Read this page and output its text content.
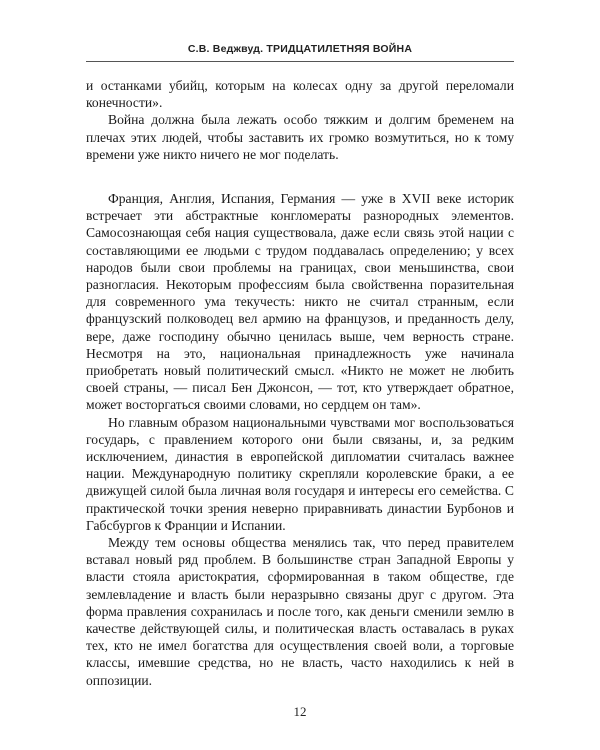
С.В. Веджвуд. ТРИДЦАТИЛЕТНЯЯ ВОЙНА

и останками убийц, которым на колесах одну за другой переломали конечности».

Война должна была лежать особо тяжким и долгим бременем на плечах этих людей, чтобы заставить их громко возмутиться, но к тому времени уже никто ничего не мог поделать.

Франция, Англия, Испания, Германия — уже в XVII веке историк встречает эти абстрактные конгломераты разнородных элементов. Самосознающая себя нация существовала, даже если связь этой нации с составляющими ее людьми с трудом поддавалась определению; у всех народов были свои проблемы на границах, свои меньшинства, свои разногласия. Некоторым профессиям была свойственна поразительная для современного ума текучесть: никто не считал странным, если французский полководец вел армию на французов, и преданность делу, вере, даже господину обычно ценилась выше, чем верность стране. Несмотря на это, национальная принадлежность уже начинала приобретать новый политический смысл. «Никто не может не любить своей страны, — писал Бен Джонсон, — тот, кто утверждает обратное, может восторгаться своими словами, но сердцем он там».

Но главным образом национальными чувствами мог воспользоваться государь, с правлением которого они были связаны, и, за редким исключением, династия в европейской дипломатии считалась важнее нации. Международную политику скрепляли королевские браки, а ее движущей силой была личная воля государя и интересы его семейства. С практической точки зрения неверно приравнивать династии Бурбонов и Габсбургов к Франции и Испании.

Между тем основы общества менялись так, что перед правителем вставал новый ряд проблем. В большинстве стран Западной Европы у власти стояла аристократия, сформированная в таком обществе, где землевладение и власть были неразрывно связаны друг с другом. Эта форма правления сохранилась и после того, как деньги сменили землю в качестве действующей силы, и политическая власть оставалась в руках тех, кто не имел богатства для осуществления своей воли, а торговые классы, имевшие средства, но не власть, часто находились к ней в оппозиции.

12
